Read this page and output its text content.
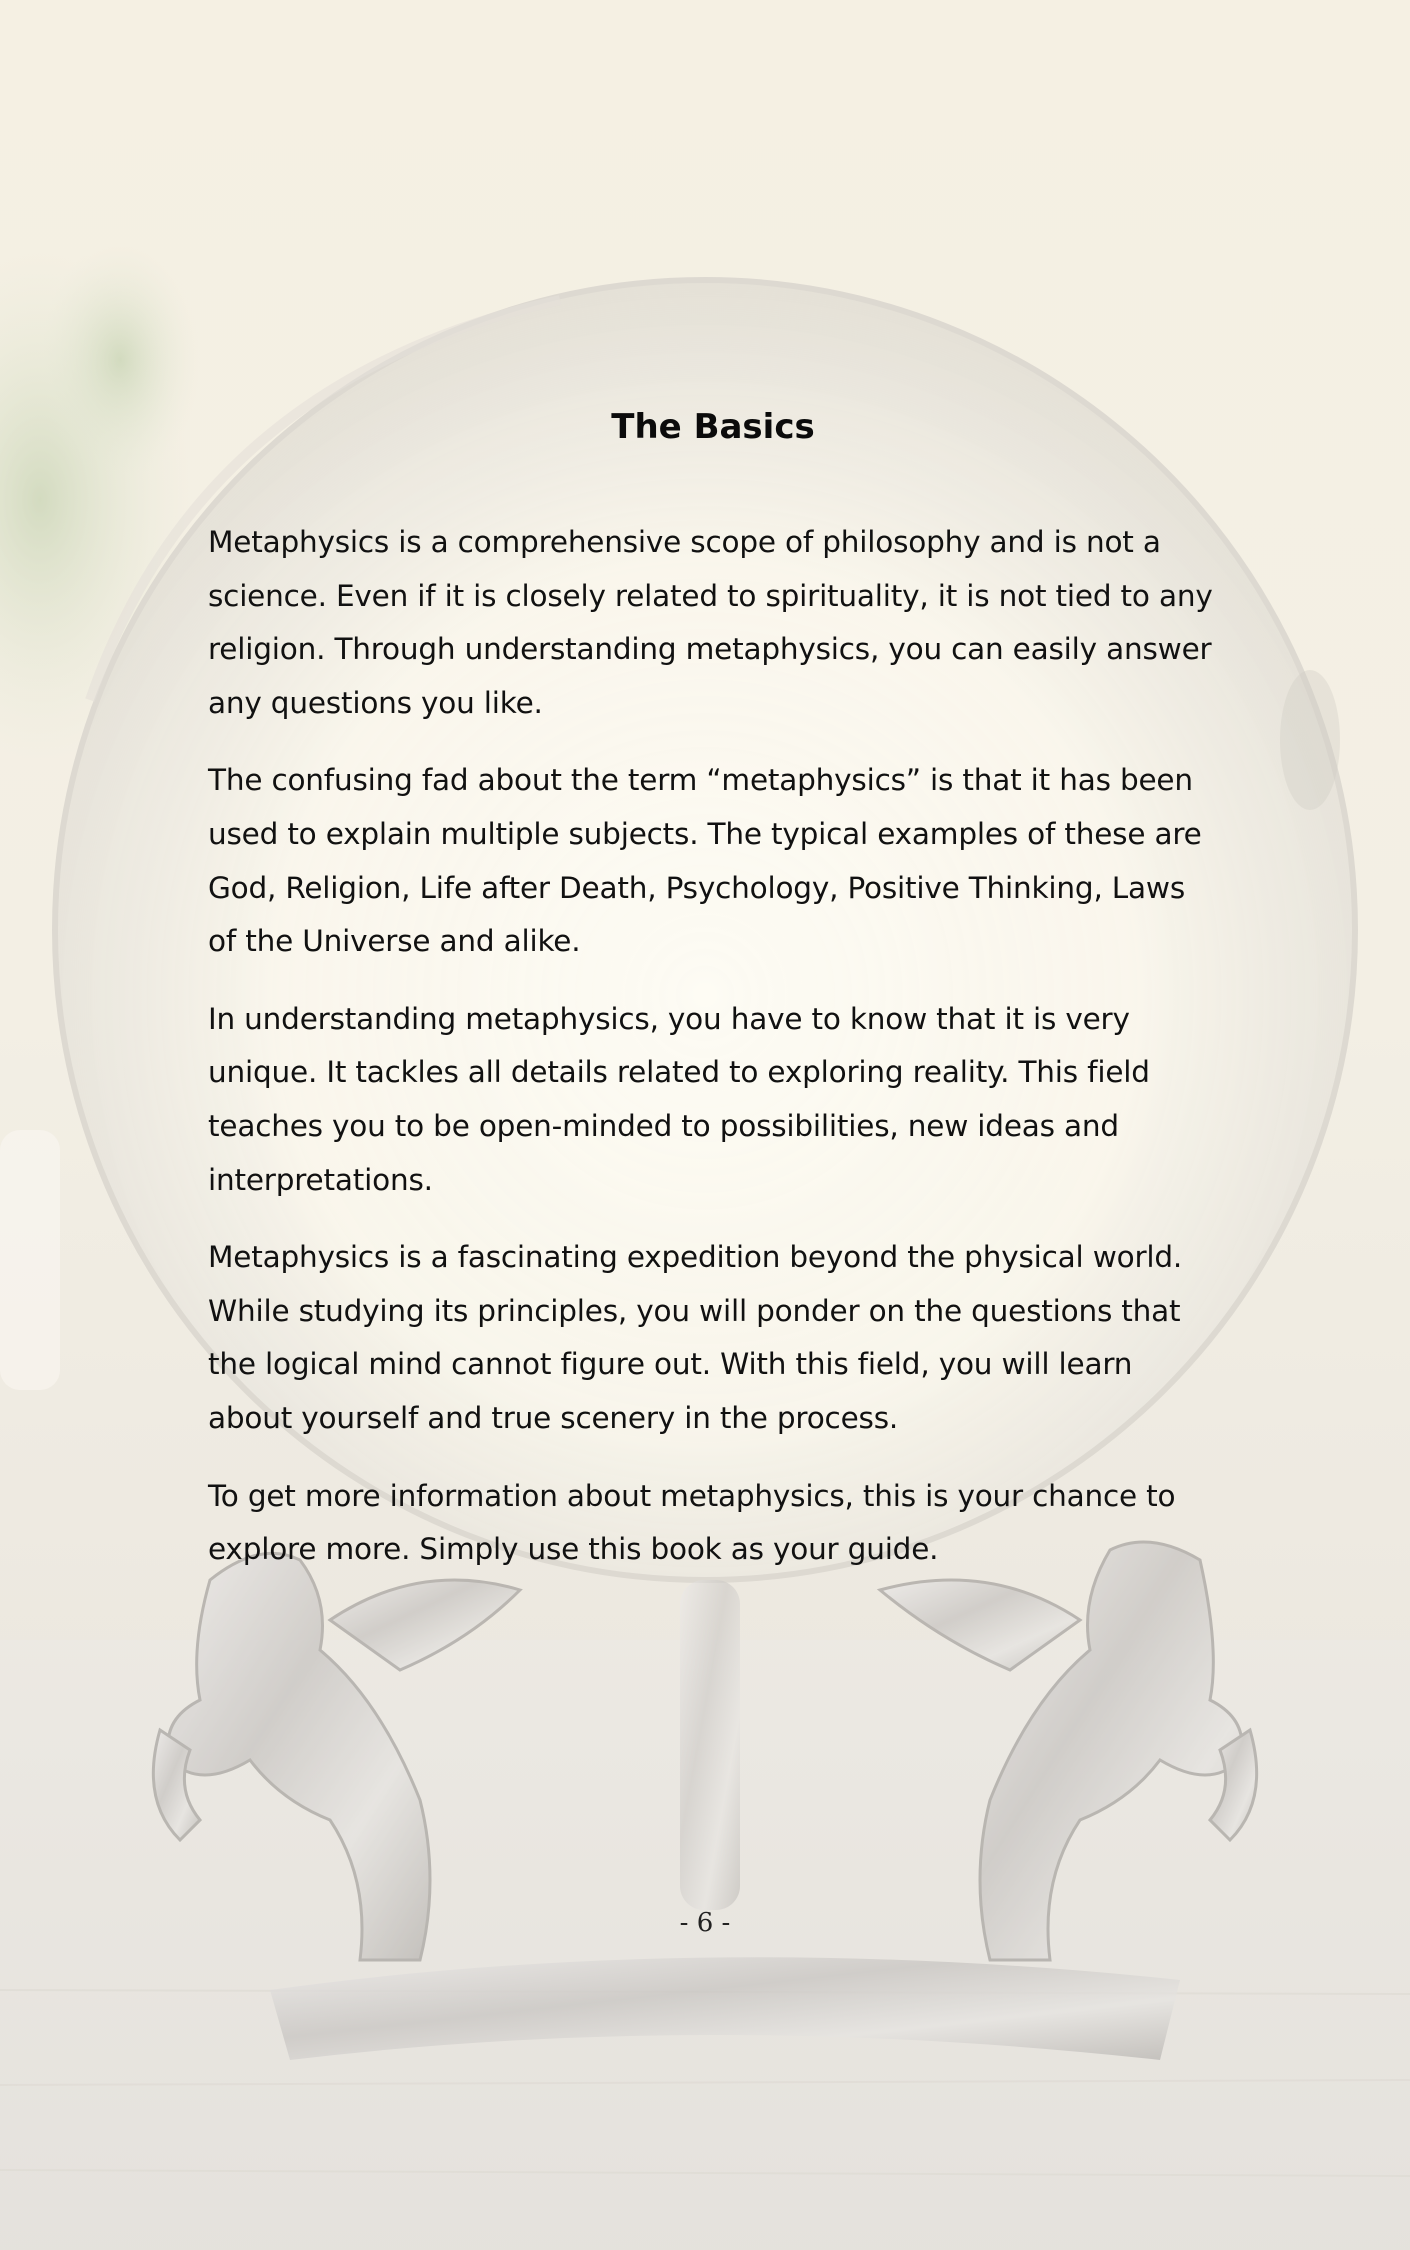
The Basics

Metaphysics is a comprehensive scope of philosophy and is not a science. Even if it is closely related to spirituality, it is not tied to any religion. Through understanding metaphysics, you can easily answer any questions you like.

The confusing fad about the term “metaphysics” is that it has been used to explain multiple subjects. The typical examples of these are God, Religion, Life after Death, Psychology, Positive Thinking, Laws of the Universe and alike.

In understanding metaphysics, you have to know that it is very unique. It tackles all details related to exploring reality. This field teaches you to be open-minded to possibilities, new ideas and interpretations.

Metaphysics is a fascinating expedition beyond the physical world. While studying its principles, you will ponder on the questions that the logical mind cannot figure out. With this field, you will learn about yourself and true scenery in the process.

To get more information about metaphysics, this is your chance to explore more. Simply use this book as your guide.

- 6 -
